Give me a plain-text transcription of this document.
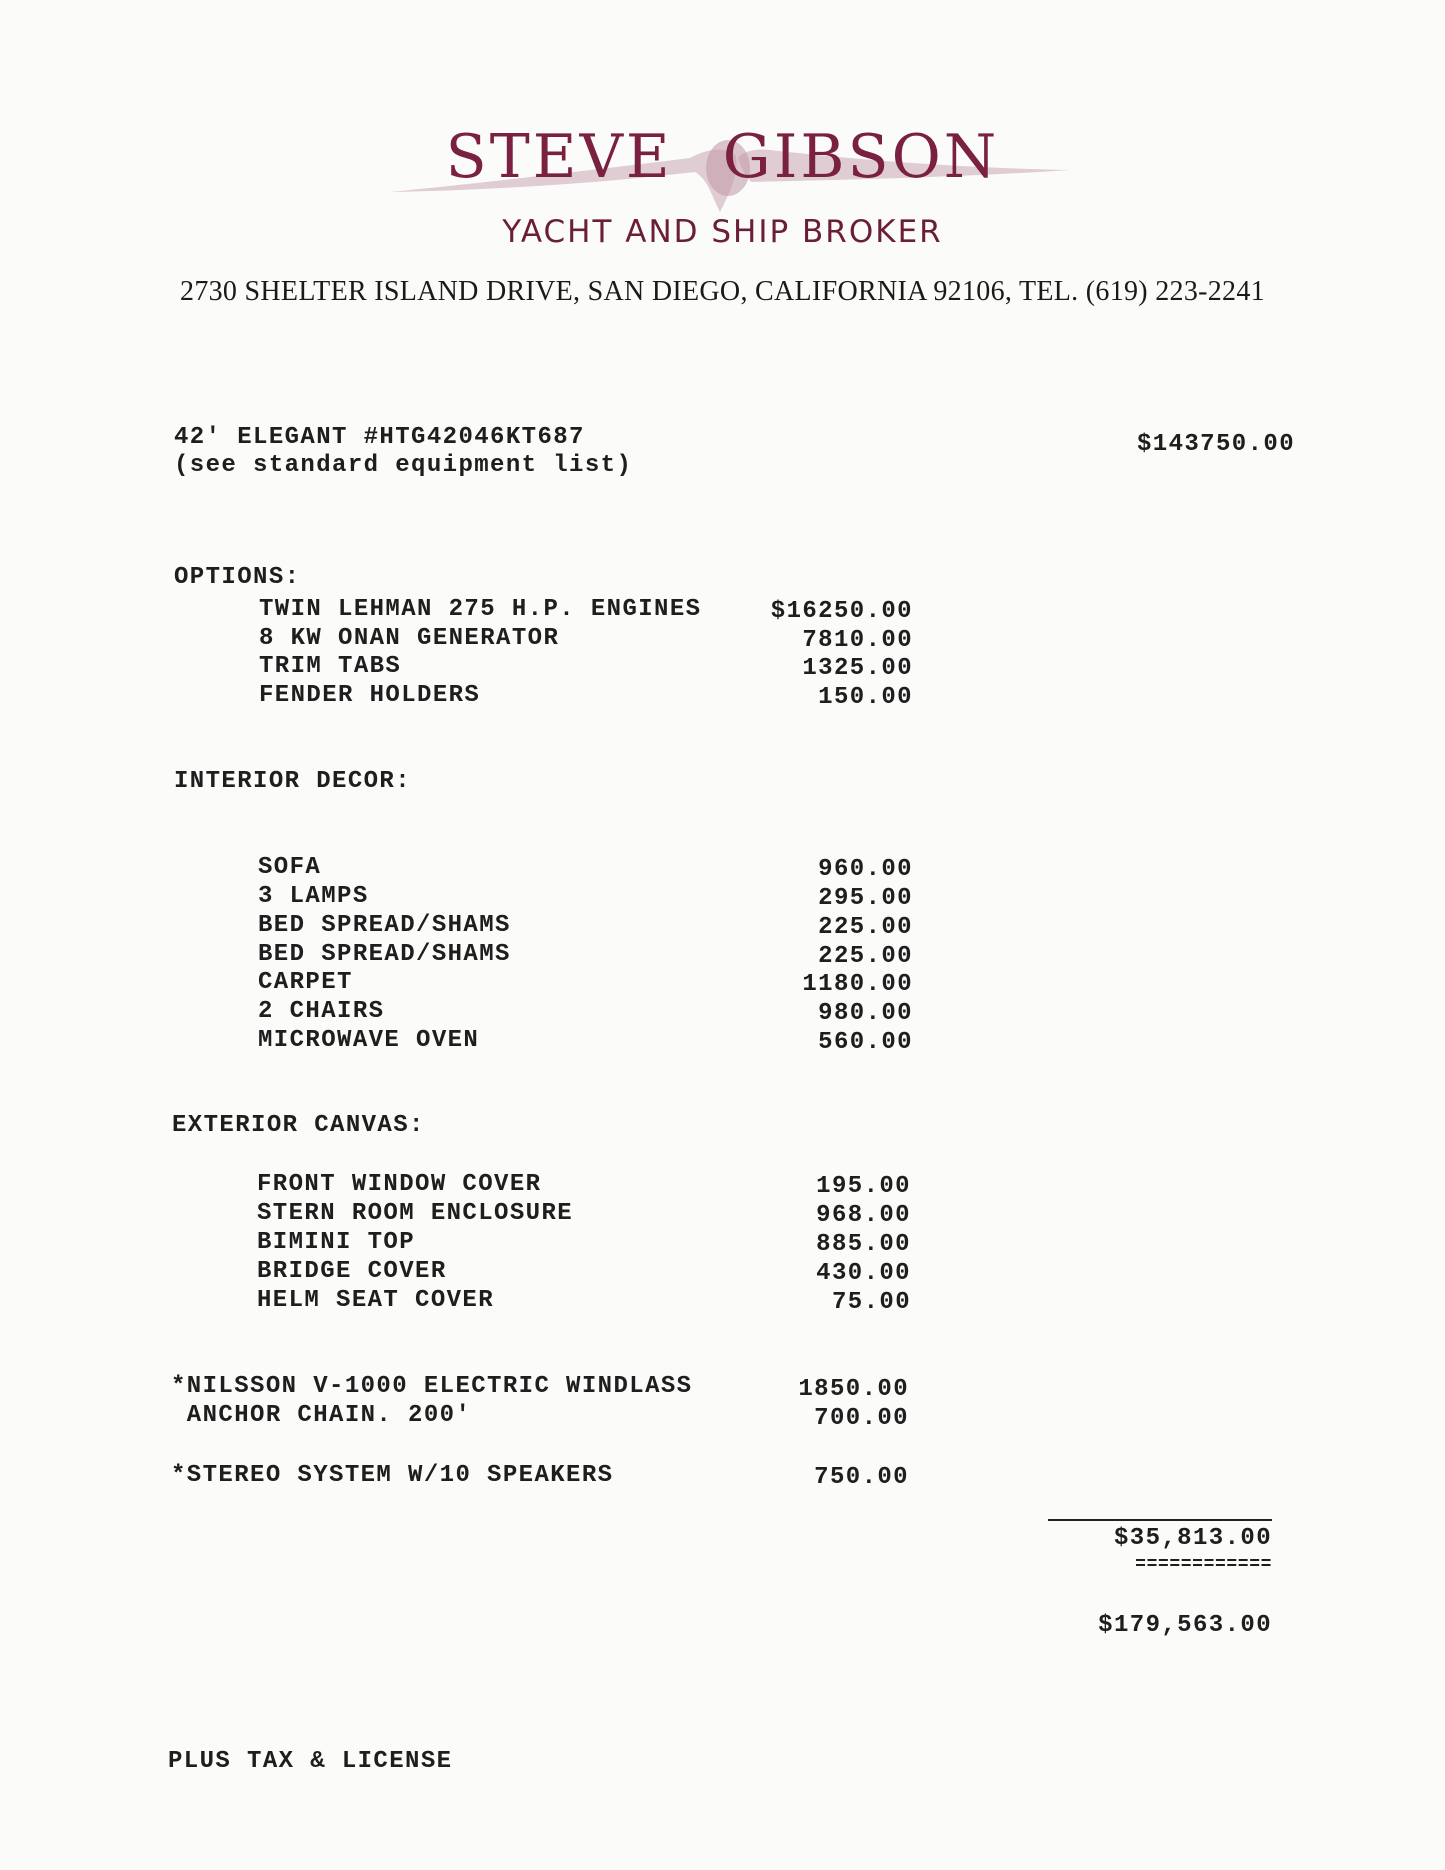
STEVE GIBSON
YACHT AND SHIP BROKER
2730 SHELTER ISLAND DRIVE, SAN DIEGO, CALIFORNIA 92106, TEL. (619) 223-2241
42' ELEGANT #HTG42046KT687
(see standard equipment list)
$143750.00
OPTIONS:
TWIN LEHMAN 275 H.P. ENGINES	$16250.00
8 KW ONAN GENERATOR	7810.00
TRIM TABS	1325.00
FENDER HOLDERS	150.00
INTERIOR DECOR:
SOFA	960.00
3 LAMPS	295.00
BED SPREAD/SHAMS	225.00
BED SPREAD/SHAMS	225.00
CARPET	1180.00
2 CHAIRS	980.00
MICROWAVE OVEN	560.00
EXTERIOR CANVAS:
FRONT WINDOW COVER	195.00
STERN ROOM ENCLOSURE	968.00
BIMINI TOP	885.00
BRIDGE COVER	430.00
HELM SEAT COVER	75.00
*NILSSON V-1000 ELECTRIC WINDLASS	1850.00
ANCHOR CHAIN. 200'	700.00
*STEREO SYSTEM W/10 SPEAKERS	750.00
$35,813.00
============
$179,563.00
PLUS TAX & LICENSE
